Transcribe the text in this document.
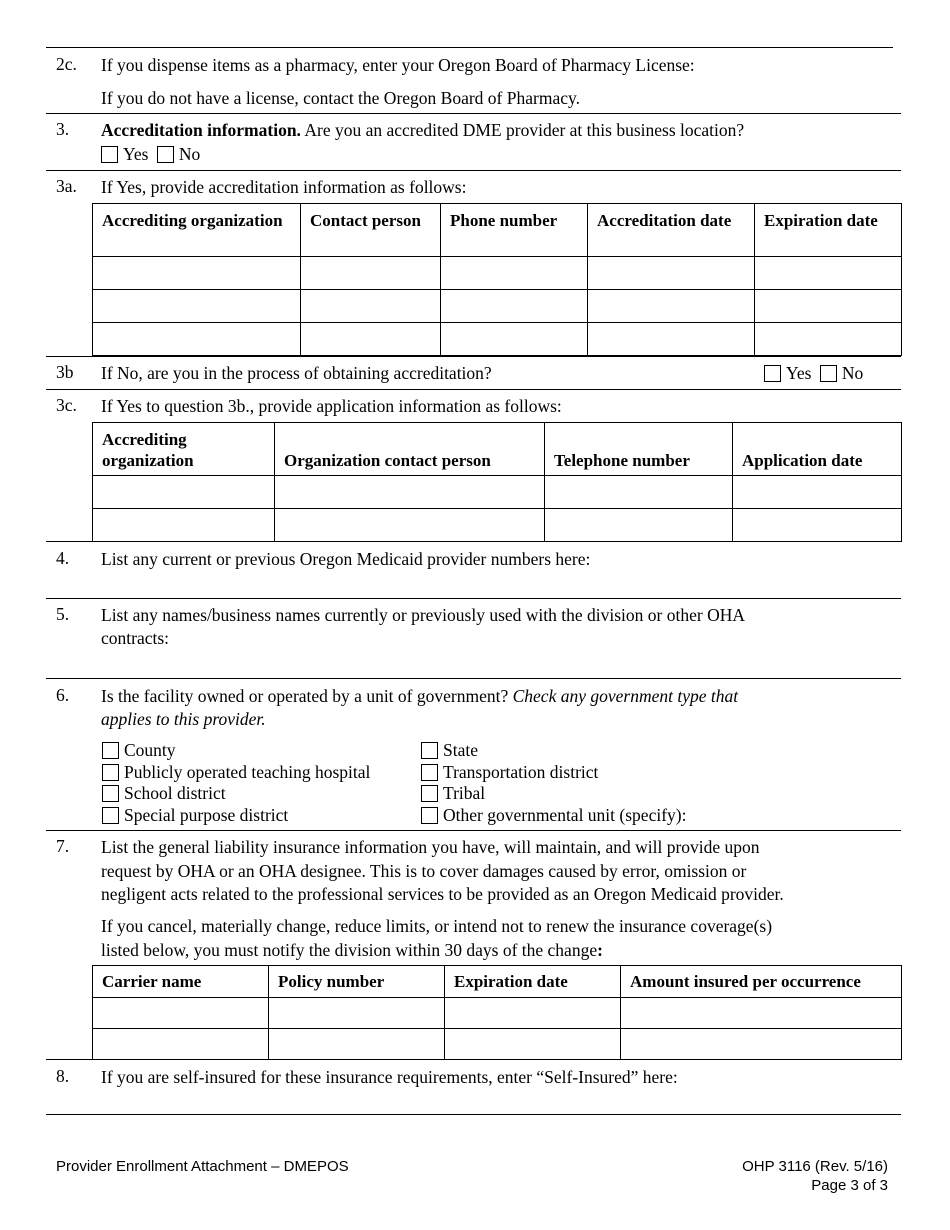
2c. If you dispense items as a pharmacy, enter your Oregon Board of Pharmacy License:
If you do not have a license, contact the Oregon Board of Pharmacy.
3. Accreditation information. Are you an accredited DME provider at this business location?
Yes No
3a. If Yes, provide accreditation information as follows:
Accrediting organization	Contact person	Phone number	Accreditation date	Expiration date

3b If No, are you in the process of obtaining accreditation?	Yes No
3c. If Yes to question 3b., provide application information as follows:
Accrediting organization	Organization contact person	Telephone number	Application date

4. List any current or previous Oregon Medicaid provider numbers here:
5. List any names/business names currently or previously used with the division or other OHA
contracts:
6. Is the facility owned or operated by a unit of government? Check any government type that
applies to this provider.
County
Publicly operated teaching hospital
School district
Special purpose district
State
Transportation district
Tribal
Other governmental unit (specify):
7. List the general liability insurance information you have, will maintain, and will provide upon
request by OHA or an OHA designee. This is to cover damages caused by error, omission or
negligent acts related to the professional services to be provided as an Oregon Medicaid provider.
If you cancel, materially change, reduce limits, or intend not to renew the insurance coverage(s)
listed below, you must notify the division within 30 days of the change:
Carrier name	Policy number	Expiration date	Amount insured per occurrence

8. If you are self-insured for these insurance requirements, enter “Self-Insured” here:
Provider Enrollment Attachment – DMEPOS	OHP 3116 (Rev. 5/16)
Page 3 of 3
